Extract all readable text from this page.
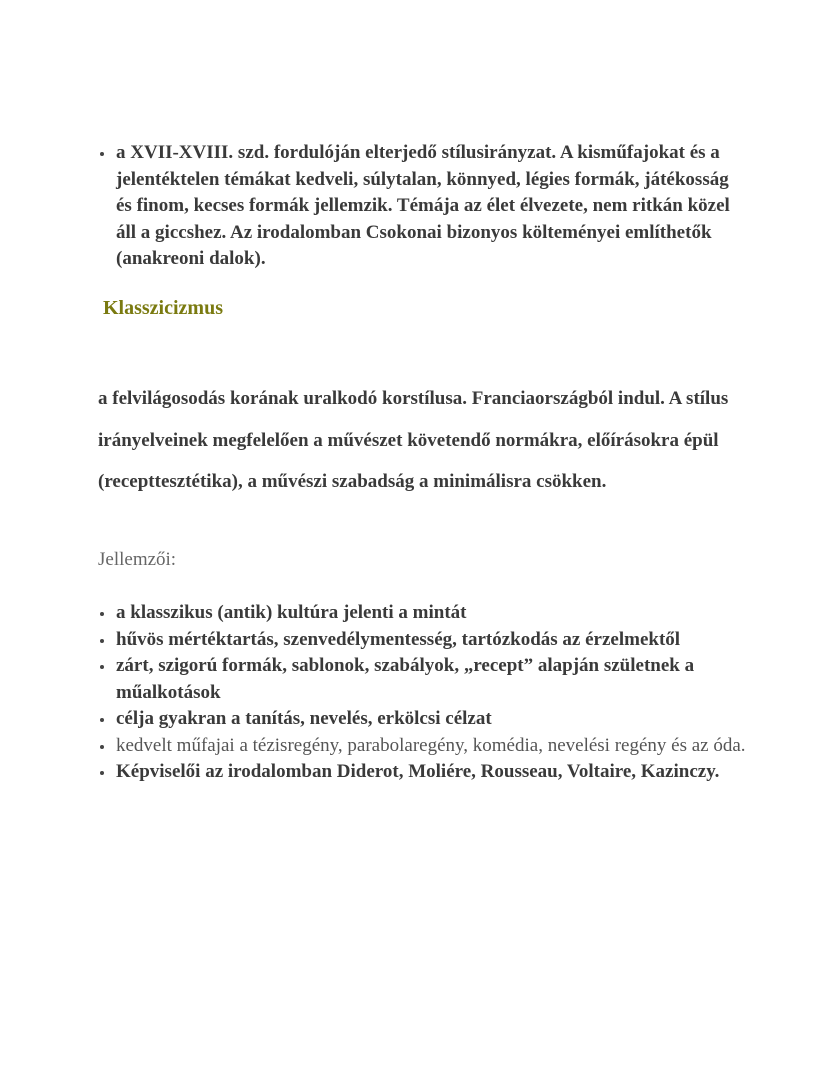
a XVII-XVIII. szd. fordulóján elterjedő stílusirányzat. A kisműfajokat és a jelentéktelen témákat kedveli, súlytalan, könnyed, légies formák, játékosság és finom, kecses formák jellemzik. Témája az élet élvezete, nem ritkán közel áll a giccshez. Az irodalomban Csokonai bizonyos költeményei említhetők (anakreoni dalok).
Klasszicizmus

a felvilágosodás korának uralkodó korstílusa. Franciaországból indul. A stílus irányelveinek megfelelően a művészet követendő normákra, előírásokra épül (recepttesztétika), a művészi szabadság a minimálisra csökken.

Jellemzői:

a klasszikus (antik) kultúra jelenti a mintát
hűvös mértéktartás, szenvedélymentesség, tartózkodás az érzelmektől
zárt, szigorú formák, sablonok, szabályok, „recept” alapján születnek a műalkotások
célja gyakran a tanítás, nevelés, erkölcsi célzat
kedvelt műfajai a tézisregény, parabolaregény, komédia, nevelési regény és az óda.
Képviselői az irodalomban Diderot, Moliére, Rousseau, Voltaire, Kazinczy.
